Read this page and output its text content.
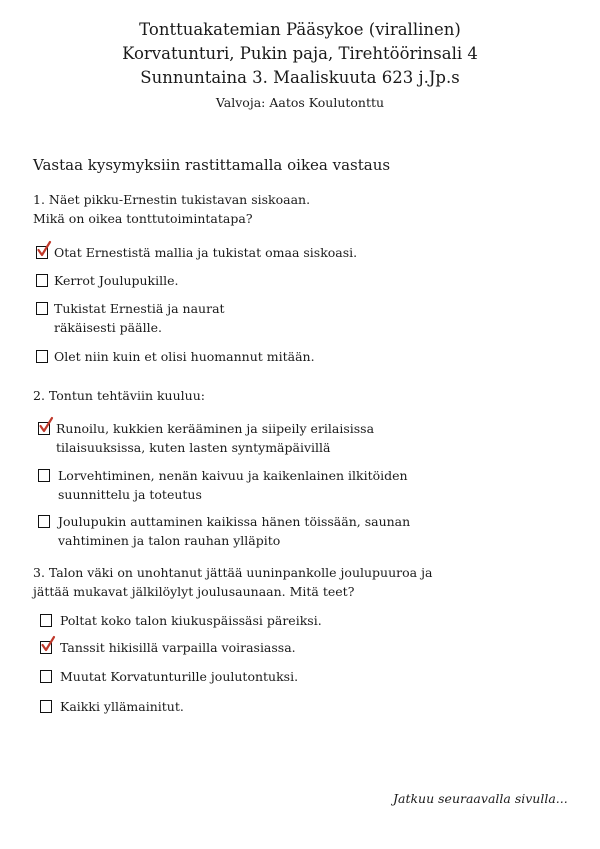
Tonttuakatemian Pääsykoe (virallinen)
Korvatunturi, Pukin paja, Tirehtöörinsali 4
Sunnuntaina 3. Maaliskuuta 623 j.Jp.s
Valvoja: Aatos Koulutonttu
Vastaa kysymyksiin rastittamalla oikea vastaus
1. Näet pikku-Ernestin tukistavan siskoaan.
Mikä on oikea tonttutoimintatapa?
Otat Ernestistä mallia ja tukistat omaa siskoasi.
Kerrot Joulupukille.
Tukistat Ernestiä ja naurat
räkäisesti päälle.
Olet niin kuin et olisi huomannut mitään.
2. Tontun tehtäviin kuuluu:
Runoilu, kukkien kerääminen ja siipeily erilaisissa
tilaisuuksissa, kuten lasten syntymäpäivillä
Lorvehtiminen, nenän kaivuu ja kaikenlainen ilkitöiden
suunnittelu ja toteutus
Joulupukin auttaminen kaikissa hänen töissään, saunan
vahtiminen ja talon rauhan ylläpito
3. Talon väki on unohtanut jättää uuninpankolle joulupuuroa ja
jättää mukavat jälkilöylyt joulusaunaan. Mitä teet?
Poltat koko talon kiukuspäissäsi päreiksi.
Tanssit hikisillä varpailla voirasiassa.
Muutat Korvatunturille joulutontuksi.
Kaikki yllämainitut.
Jatkuu seuraavalla sivulla...
